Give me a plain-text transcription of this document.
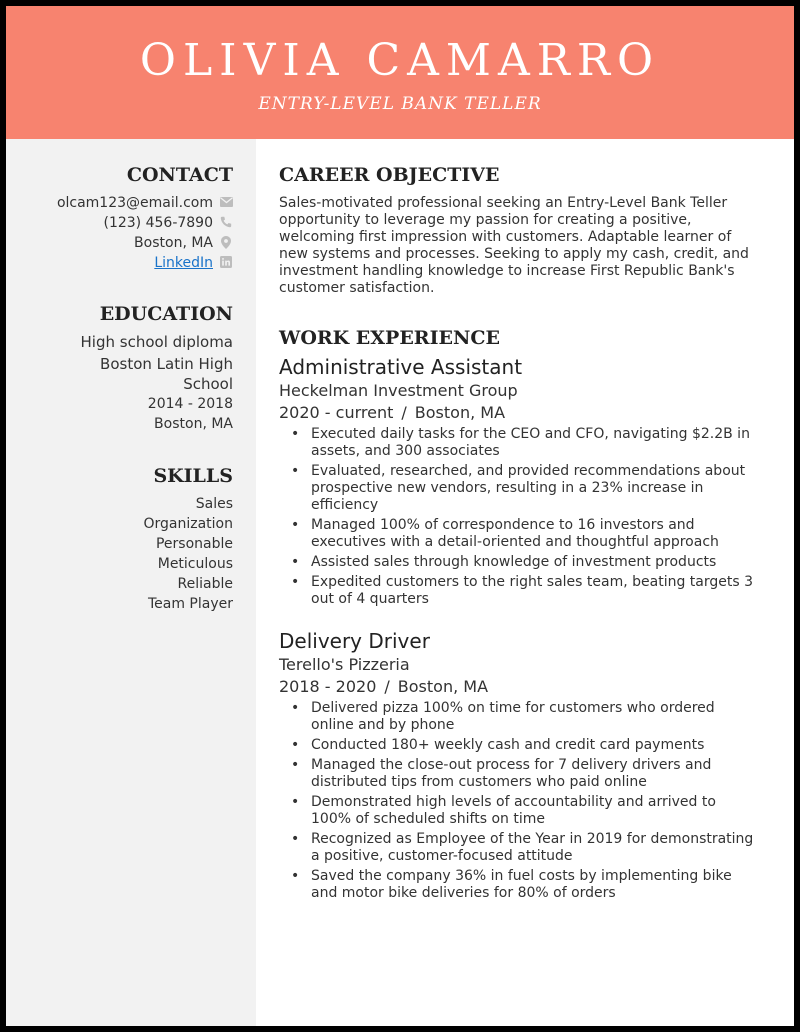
OLIVIA CAMARRO
ENTRY-LEVEL BANK TELLER
CONTACT
olcam123@email.com
(123) 456-7890
Boston, MA
LinkedIn
EDUCATION
High school diploma
Boston Latin High
School
2014 - 2018
Boston, MA
SKILLS
Sales
Organization
Personable
Meticulous
Reliable
Team Player
CAREER OBJECTIVE
Sales-motivated professional seeking an Entry-Level Bank Teller opportunity to leverage my passion for creating a positive, welcoming first impression with customers. Adaptable learner of new systems and processes. Seeking to apply my cash, credit, and investment handling knowledge to increase First Republic Bank's customer satisfaction.
WORK EXPERIENCE
Administrative Assistant
Heckelman Investment Group
2020 - current / Boston, MA
• Executed daily tasks for the CEO and CFO, navigating $2.2B in assets, and 300 associates
• Evaluated, researched, and provided recommendations about prospective new vendors, resulting in a 23% increase in efficiency
• Managed 100% of correspondence to 16 investors and executives with a detail-oriented and thoughtful approach
• Assisted sales through knowledge of investment products
• Expedited customers to the right sales team, beating targets 3 out of 4 quarters
Delivery Driver
Terello's Pizzeria
2018 - 2020 / Boston, MA
• Delivered pizza 100% on time for customers who ordered online and by phone
• Conducted 180+ weekly cash and credit card payments
• Managed the close-out process for 7 delivery drivers and distributed tips from customers who paid online
• Demonstrated high levels of accountability and arrived to 100% of scheduled shifts on time
• Recognized as Employee of the Year in 2019 for demonstrating a positive, customer-focused attitude
• Saved the company 36% in fuel costs by implementing bike and motor bike deliveries for 80% of orders
